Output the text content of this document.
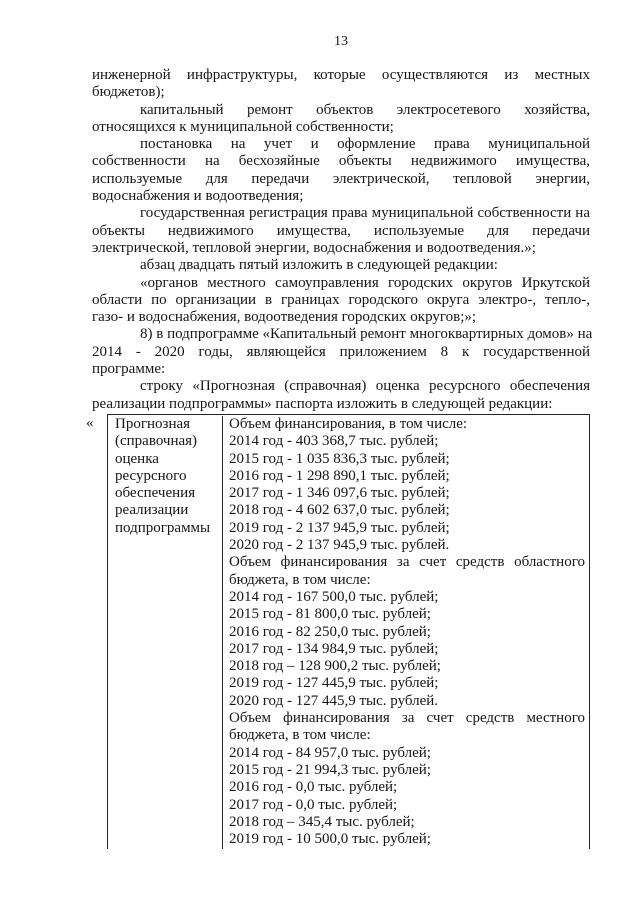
13
инженерной инфраструктуры, которые осуществляются из местных
бюджетов);
капитальный ремонт объектов электросетевого хозяйства,
относящихся к муниципальной собственности;
постановка на учет и оформление права муниципальной
собственности на бесхозяйные объекты недвижимого имущества,
используемые для передачи электрической, тепловой энергии,
водоснабжения и водоотведения;
государственная регистрация права муниципальной собственности на
объекты недвижимого имущества, используемые для передачи
электрической, тепловой энергии, водоснабжения и водоотведения.»;
абзац двадцать пятый изложить в следующей редакции:
«органов местного самоуправления городских округов Иркутской
области по организации в границах городского округа электро-, тепло-,
газо- и водоснабжения, водоотведения городских округов;»;
8) в подпрограмме «Капитальный ремонт многоквартирных домов» на
2014 - 2020 годы, являющейся приложением 8 к государственной
программе:
строку «Прогнозная (справочная) оценка ресурсного обеспечения
реализации подпрограммы» паспорта изложить в следующей редакции:
« Прогнозная
(справочная)
оценка
ресурсного
обеспечения
реализации
подпрограммы
Объем финансирования, в том числе:
2014 год - 403 368,7 тыс. рублей;
2015 год - 1 035 836,3 тыс. рублей;
2016 год - 1 298 890,1 тыс. рублей;
2017 год - 1 346 097,6 тыс. рублей;
2018 год - 4 602 637,0 тыс. рублей;
2019 год - 2 137 945,9 тыс. рублей;
2020 год - 2 137 945,9 тыс. рублей.
Объем финансирования за счет средств областного
бюджета, в том числе:
2014 год - 167 500,0 тыс. рублей;
2015 год - 81 800,0 тыс. рублей;
2016 год - 82 250,0 тыс. рублей;
2017 год - 134 984,9 тыс. рублей;
2018 год – 128 900,2 тыс. рублей;
2019 год - 127 445,9 тыс. рублей;
2020 год - 127 445,9 тыс. рублей.
Объем финансирования за счет средств местного
бюджета, в том числе:
2014 год - 84 957,0 тыс. рублей;
2015 год - 21 994,3 тыс. рублей;
2016 год - 0,0 тыс. рублей;
2017 год - 0,0 тыс. рублей;
2018 год – 345,4 тыс. рублей;
2019 год - 10 500,0 тыс. рублей;
